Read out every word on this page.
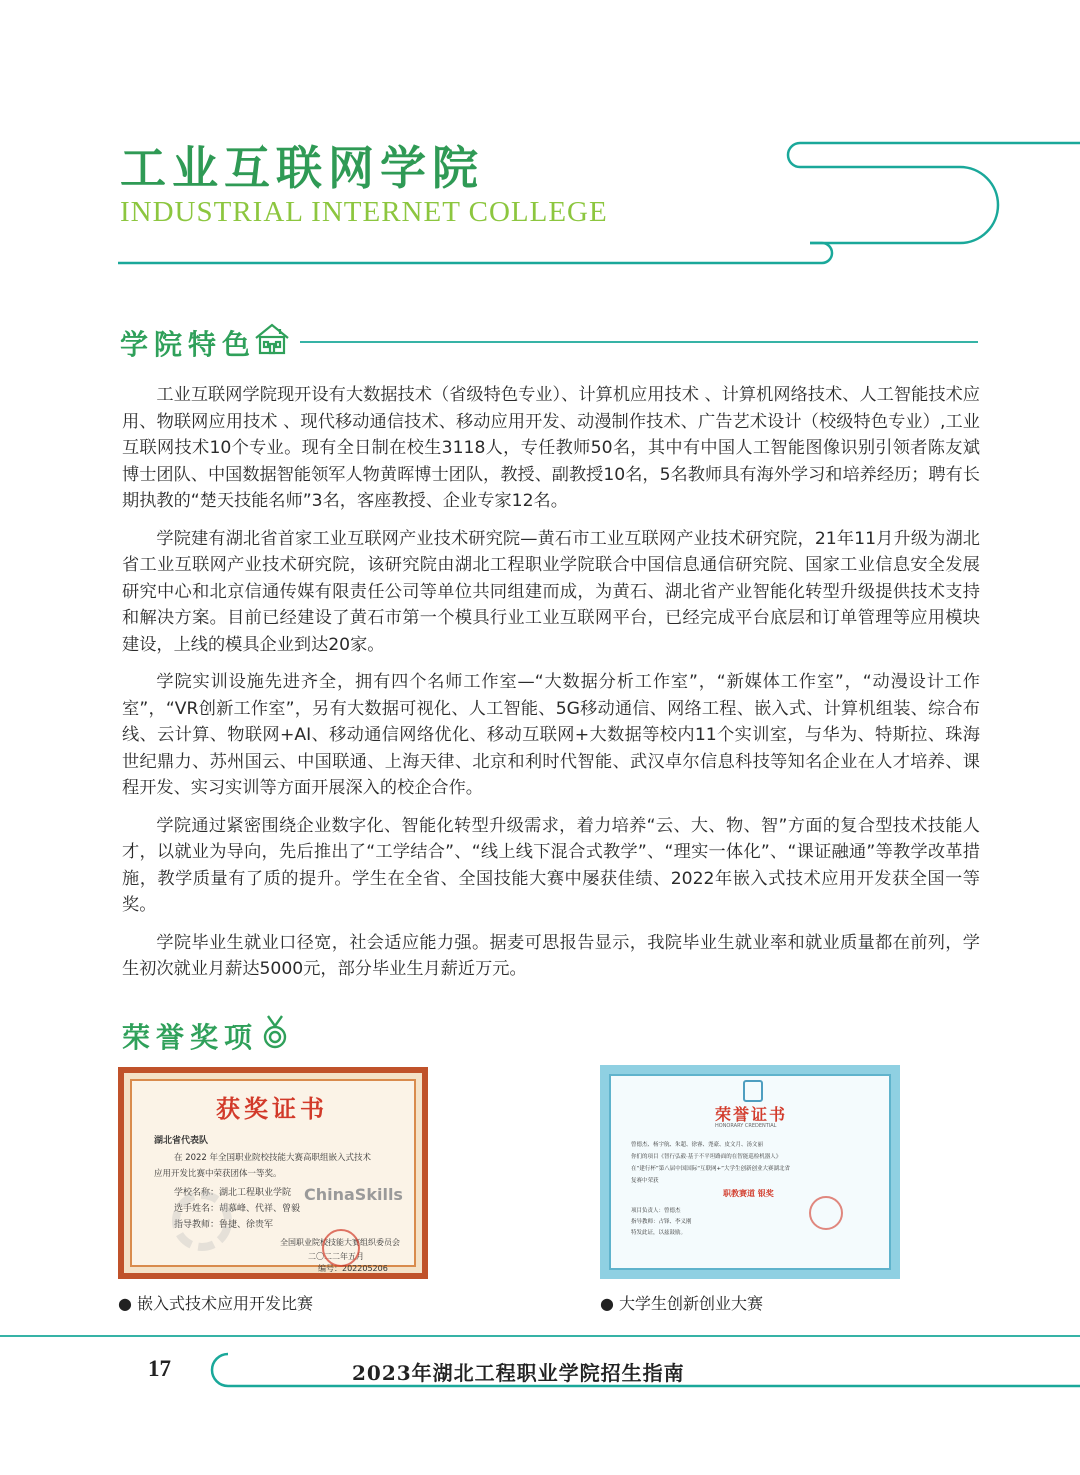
工业互联网学院
INDUSTRIAL INTERNET COLLEGE
学院特色

工业互联网学院现开设有大数据技术（省级特色专业）、计算机应用技术 、计算机网络技术、人工智能技术应用、物联网应用技术 、现代移动通信技术、移动应用开发、动漫制作技术、广告艺术设计（校级特色专业）,工业互联网技术10个专业。现有全日制在校生3118人，专任教师50名，其中有中国人工智能图像识别引领者陈友斌博士团队、中国数据智能领军人物黄晖博士团队，教授、副教授10名，5名教师具有海外学习和培养经历；聘有长期执教的“楚天技能名师”3名，客座教授、企业专家12名。

学院建有湖北省首家工业互联网产业技术研究院—黄石市工业互联网产业技术研究院，21年11月升级为湖北省工业互联网产业技术研究院，该研究院由湖北工程职业学院联合中国信息通信研究院、国家工业信息安全发展研究中心和北京信通传媒有限责任公司等单位共同组建而成，为黄石、湖北省产业智能化转型升级提供技术支持和解决方案。目前已经建设了黄石市第一个模具行业工业互联网平台，已经完成平台底层和订单管理等应用模块建设，上线的模具企业到达20家。

学院实训设施先进齐全，拥有四个名师工作室—“大数据分析工作室”，“新媒体工作室”，“动漫设计工作室”，“VR创新工作室”，另有大数据可视化、人工智能、5G移动通信、网络工程、嵌入式、计算机组装、综合布线、云计算、物联网+AI、移动通信网络优化、移动互联网+大数据等校内11个实训室，与华为、特斯拉、珠海世纪鼎力、苏州国云、中国联通、上海天律、北京和利时代智能、武汉卓尔信息科技等知名企业在人才培养、课程开发、实习实训等方面开展深入的校企合作。

学院通过紧密围绕企业数字化、智能化转型升级需求，着力培养“云、大、物、智”方面的复合型技术技能人才，以就业为导向，先后推出了“工学结合”、“线上线下混合式教学”、“理实一体化”、“课证融通”等教学改革措施，教学质量有了质的提升。学生在全省、全国技能大赛中屡获佳绩、2022年嵌入式技术应用开发获全国一等奖。

学院毕业生就业口径宽，社会适应能力强。据麦可思报告显示，我院毕业生就业率和就业质量都在前列，学生初次就业月薪达5000元，部分毕业生月薪近万元。

荣誉奖项
获奖证书
湖北省代表队
在 2022 年全国职业院校技能大赛高职组嵌入式技术
应用开发比赛中荣获团体一等奖。
学校名称：湖北工程职业学院
选手姓名：胡慕峰、代祥、曾毅
指导教师：鲁捷、徐贵军
全国职业院校技能大赛组织委员会
二〇二二年五月
编号：202205206
ChinaSkills
荣誉证书
HONORARY CREDENTIAL
曾德杰、杨宇航、朱超、徐睿、尧豪、皮文月、汤文丽
你们的项目《智行弘毅·基于不平坦路面的在智能巡检机器人》
在“建行杯”第八届中国国际“互联网+”大学生创新创业大赛湖北省
复赛中荣获
职教赛道 银奖
项目负责人：曾德杰
指导教师：占锋、李义刚
特发此证，以兹鼓励。
● 嵌入式技术应用开发比赛	● 大学生创新创业大赛
17	2023年湖北工程职业学院招生指南
